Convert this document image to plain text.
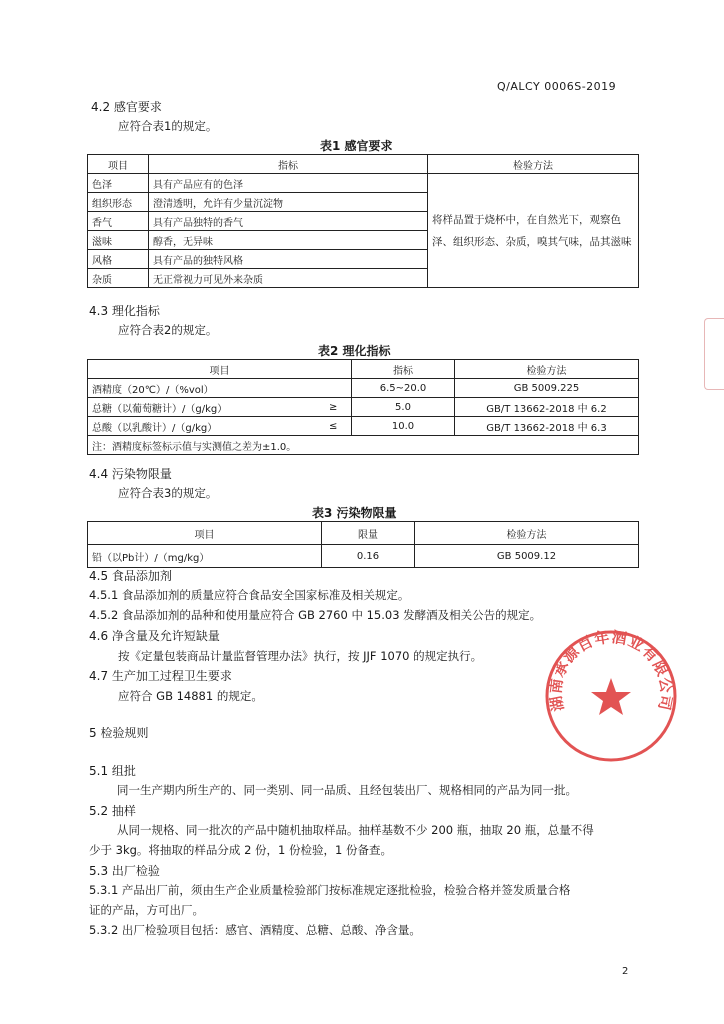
Q/ALCY 0006S-2019
4.2 感官要求
应符合表1的规定。
表1 感官要求
项目	指标	检验方法
色泽	具有产品应有的色泽	将样品置于烧杯中，在自然光下，观察色泽、组织形态、杂质，嗅其气味，品其滋味
组织形态	澄清透明，允许有少量沉淀物	
香气	具有产品独特的香气	
滋味	醇香，无异味	
风格	具有产品的独特风格	
杂质	无正常视力可见外来杂质	
4.3 理化指标
应符合表2的规定。
表2 理化指标
项目		指标	检验方法
酒精度（20℃）/（%vol）		6.5~20.0	GB 5009.225
总糖（以葡萄糖计）/（g/kg）	≥	5.0	GB/T 13662-2018 中 6.2
总酸（以乳酸计）/（g/kg）	≤	10.0	GB/T 13662-2018 中 6.3
注：酒精度标签标示值与实测值之差为±1.0。			
4.4 污染物限量
应符合表3的规定。
表3 污染物限量
项目	限量	检验方法
铅（以Pb计）/（mg/kg）	0.16	GB 5009.12
4.5 食品添加剂
4.5.1 食品添加剂的质量应符合食品安全国家标准及相关规定。
4.5.2 食品添加剂的品种和使用量应符合 GB 2760 中 15.03 发酵酒及相关公告的规定。
4.6 净含量及允许短缺量
按《定量包装商品计量监督管理办法》执行，按 JJF 1070 的规定执行。
4.7 生产加工过程卫生要求
应符合 GB 14881 的规定。
5 检验规则
5.1 组批
同一生产期内所生产的、同一类别、同一品质、且经包装出厂、规格相同的产品为同一批。
5.2 抽样
从同一规格、同一批次的产品中随机抽取样品。抽样基数不少 200 瓶，抽取 20 瓶，总量不得
少于 3kg。将抽取的样品分成 2 份，1 份检验，1 份备查。
5.3 出厂检验
5.3.1 产品出厂前，须由生产企业质量检验部门按标准规定逐批检验，检验合格并签发质量合格
证的产品，方可出厂。
5.3.2 出厂检验项目包括：感官、酒精度、总糖、总酸、净含量。
湖南承源百年酒业有限公司
2
